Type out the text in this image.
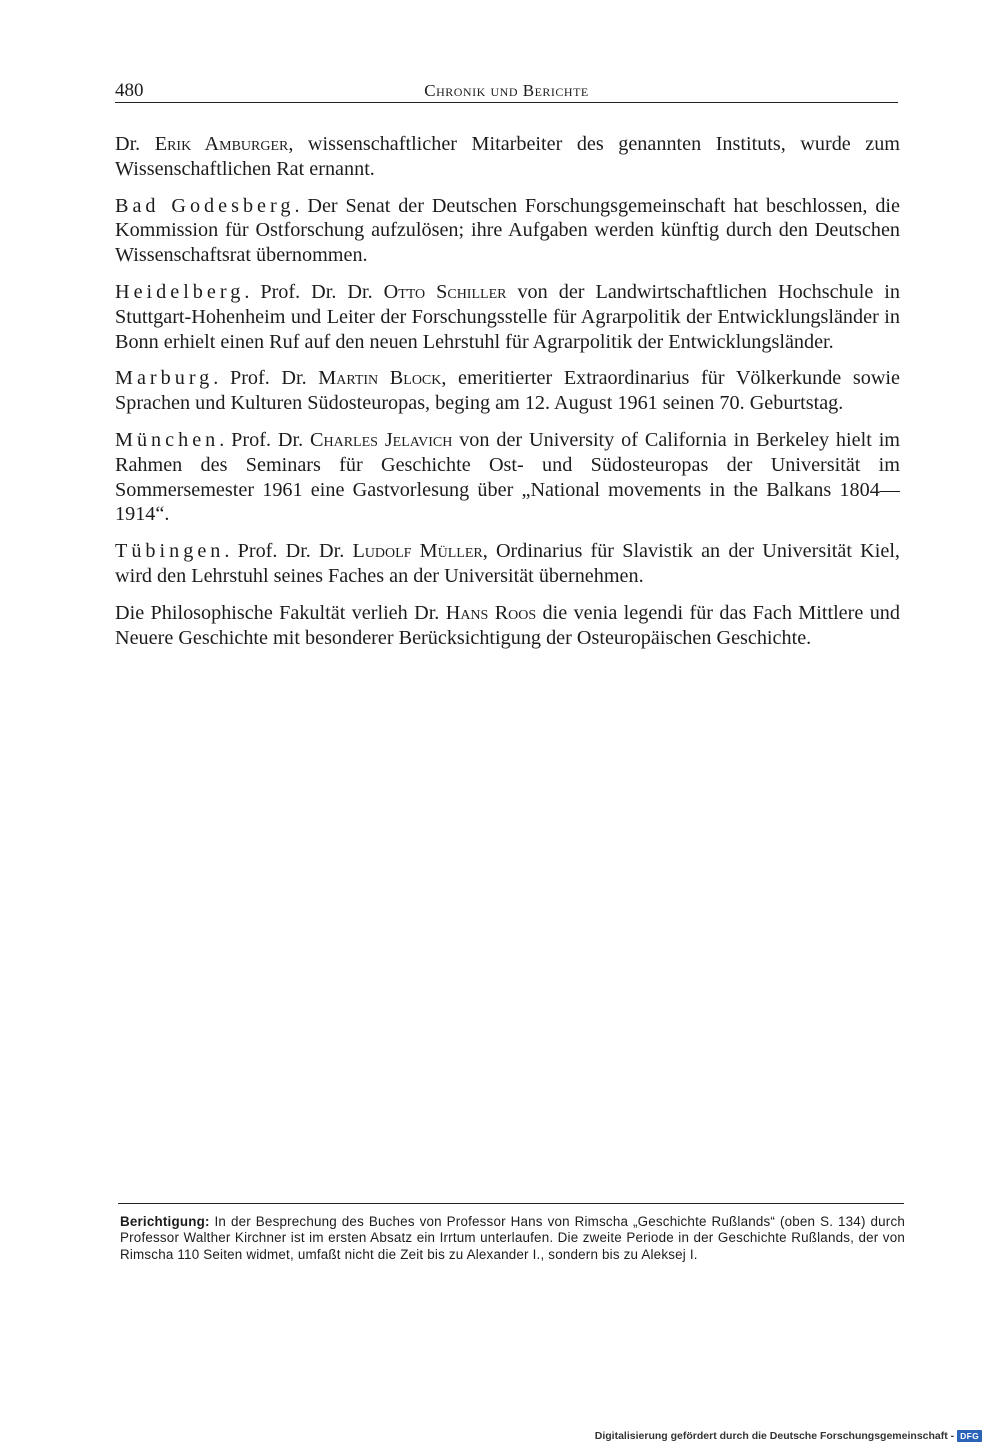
480	Chronik und Berichte

Dr. Erik Amburger, wissenschaftlicher Mitarbeiter des genannten Instituts, wurde zum Wissenschaftlichen Rat ernannt.

Bad Godesberg. Der Senat der Deutschen Forschungsgemeinschaft hat beschlossen, die Kommission für Ostforschung aufzulösen; ihre Aufgaben werden künftig durch den Deutschen Wissenschaftsrat übernommen.

Heidelberg. Prof. Dr. Dr. Otto Schiller von der Landwirtschaftlichen Hochschule in Stuttgart-Hohenheim und Leiter der Forschungsstelle für Agrarpolitik der Entwicklungsländer in Bonn erhielt einen Ruf auf den neuen Lehrstuhl für Agrarpolitik der Entwicklungsländer.

Marburg. Prof. Dr. Martin Block, emeritierter Extraordinarius für Völkerkunde sowie Sprachen und Kulturen Südosteuropas, beging am 12. August 1961 seinen 70. Geburtstag.

München. Prof. Dr. Charles Jelavich von der University of California in Berkeley hielt im Rahmen des Seminars für Geschichte Ost- und Südosteuropas der Universität im Sommersemester 1961 eine Gastvorlesung über „National movements in the Balkans 1804—1914“.

Tübingen. Prof. Dr. Dr. Ludolf Müller, Ordinarius für Slavistik an der Universität Kiel, wird den Lehrstuhl seines Faches an der Universität übernehmen.

Die Philosophische Fakultät verlieh Dr. Hans Roos die venia legendi für das Fach Mittlere und Neuere Geschichte mit besonderer Berücksichtigung der Osteuropäischen Geschichte.

Berichtigung: In der Besprechung des Buches von Professor Hans von Rimscha „Geschichte Rußlands“ (oben S. 134) durch Professor Walther Kirchner ist im ersten Absatz ein Irrtum unterlaufen. Die zweite Periode in der Geschichte Rußlands, der von Rimscha 110 Seiten widmet, umfaßt nicht die Zeit bis zu Alexander I., sondern bis zu Aleksej I.
Digitalisierung gefördert durch die Deutsche Forschungsgemeinschaft - DFG
